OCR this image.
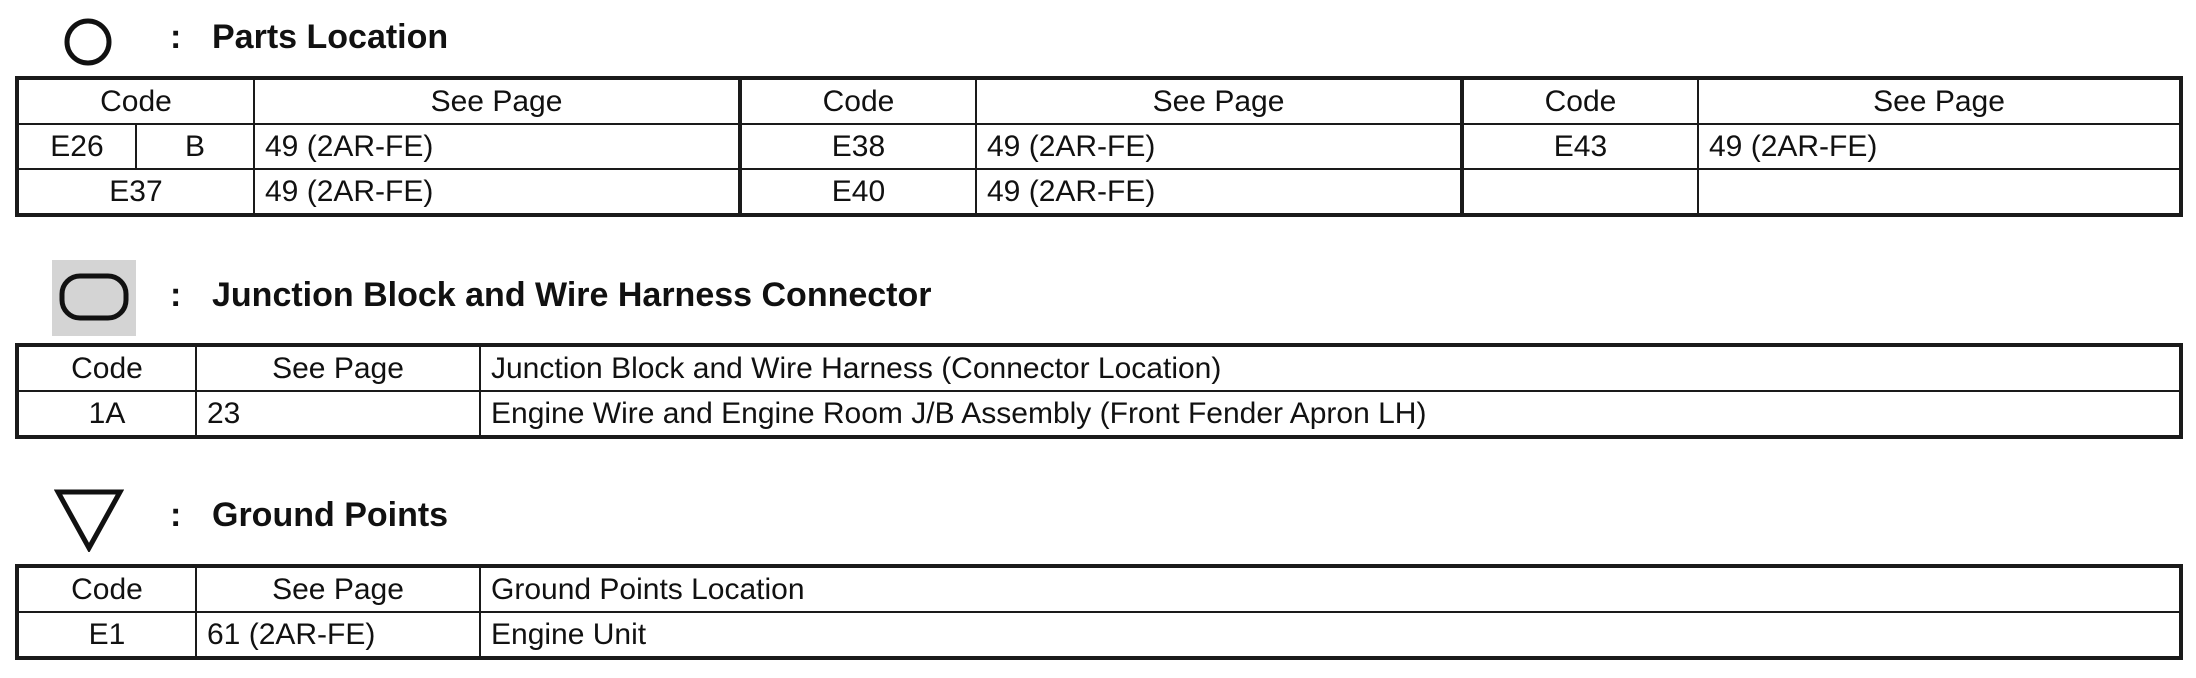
: Parts Location
Code		See Page	Code	See Page	Code	See Page
E26	B	49 (2AR-FE)	E38	49 (2AR-FE)	E43	49 (2AR-FE)
E37		49 (2AR-FE)	E40	49 (2AR-FE)		
: Junction Block and Wire Harness Connector
Code	See Page	Junction Block and Wire Harness (Connector Location)
1A	23	Engine Wire and Engine Room J/B Assembly (Front Fender Apron LH)
: Ground Points
Code	See Page	Ground Points Location
E1	61 (2AR-FE)	Engine Unit
